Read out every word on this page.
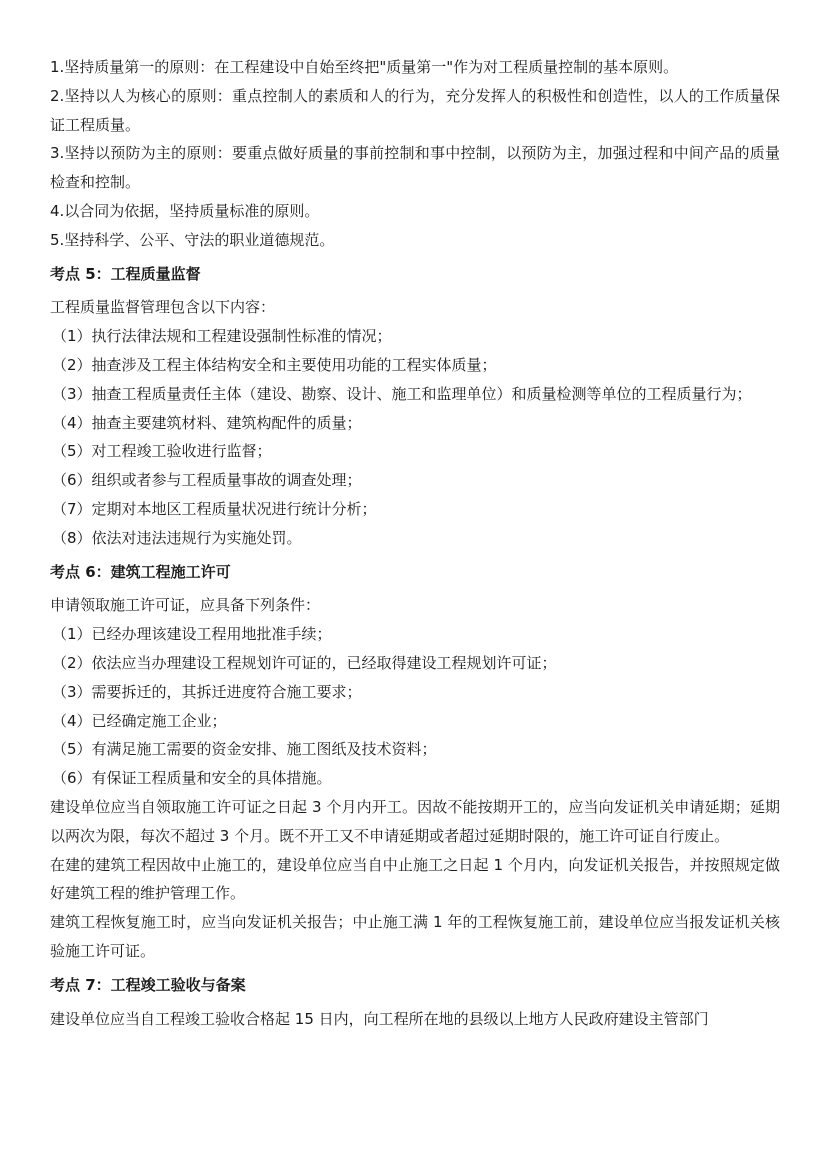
1.坚持质量第一的原则：在工程建设中自始至终把"质量第一"作为对工程质量控制的基本原则。
2.坚持以人为核心的原则：重点控制人的素质和人的行为，充分发挥人的积极性和创造性，以人的工作质量保证工程质量。
3.坚持以预防为主的原则：要重点做好质量的事前控制和事中控制，以预防为主，加强过程和中间产品的质量检查和控制。
4.以合同为依据，坚持质量标准的原则。
5.坚持科学、公平、守法的职业道德规范。
考点 5：工程质量监督
工程质量监督管理包含以下内容：
（1）执行法律法规和工程建设强制性标准的情况；
（2）抽查涉及工程主体结构安全和主要使用功能的工程实体质量；
（3）抽查工程质量责任主体（建设、勘察、设计、施工和监理单位）和质量检测等单位的工程质量行为；
（4）抽查主要建筑材料、建筑构配件的质量；
（5）对工程竣工验收进行监督；
（6）组织或者参与工程质量事故的调查处理；
（7）定期对本地区工程质量状况进行统计分析；
（8）依法对违法违规行为实施处罚。
考点 6：建筑工程施工许可
申请领取施工许可证，应具备下列条件：
（1）已经办理该建设工程用地批准手续；
（2）依法应当办理建设工程规划许可证的，已经取得建设工程规划许可证；
（3）需要拆迁的，其拆迁进度符合施工要求；
（4）已经确定施工企业；
（5）有满足施工需要的资金安排、施工图纸及技术资料；
（6）有保证工程质量和安全的具体措施。
建设单位应当自领取施工许可证之日起 3 个月内开工。因故不能按期开工的，应当向发证机关申请延期；延期以两次为限，每次不超过 3 个月。既不开工又不申请延期或者超过延期时限的，施工许可证自行废止。
在建的建筑工程因故中止施工的，建设单位应当自中止施工之日起 1 个月内，向发证机关报告，并按照规定做好建筑工程的维护管理工作。
建筑工程恢复施工时，应当向发证机关报告；中止施工满 1 年的工程恢复施工前，建设单位应当报发证机关核验施工许可证。
考点 7：工程竣工验收与备案
建设单位应当自工程竣工验收合格起 15 日内，向工程所在地的县级以上地方人民政府建设主管部门
